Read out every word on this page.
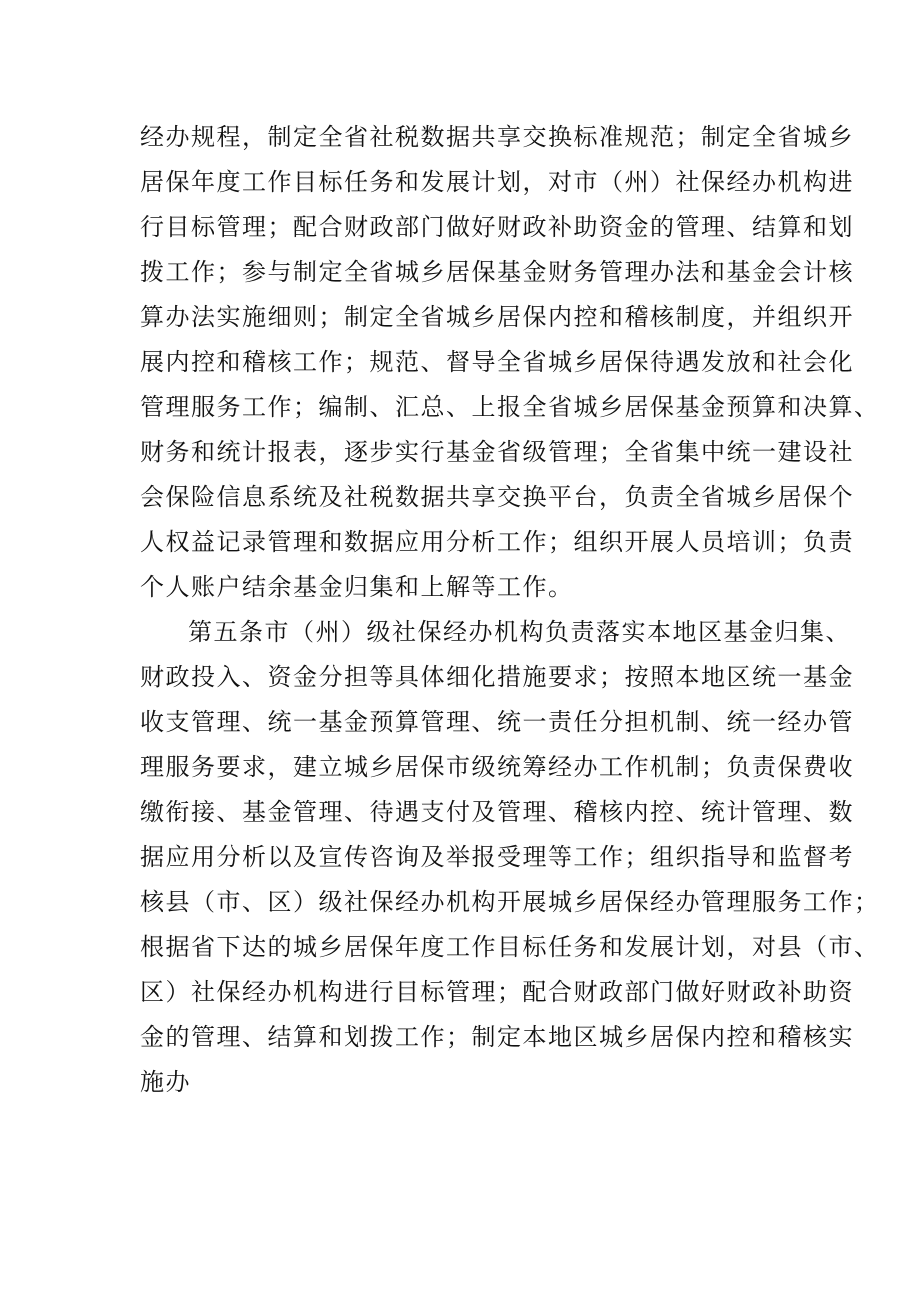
经办规程，制定全省社税数据共享交换标准规范；制定全省城乡
居保年度工作目标任务和发展计划，对市（州）社保经办机构进
行目标管理；配合财政部门做好财政补助资金的管理、结算和划
拨工作；参与制定全省城乡居保基金财务管理办法和基金会计核
算办法实施细则；制定全省城乡居保内控和稽核制度，并组织开
展内控和稽核工作；规范、督导全省城乡居保待遇发放和社会化
管理服务工作；编制、汇总、上报全省城乡居保基金预算和决算、
财务和统计报表，逐步实行基金省级管理；全省集中统一建设社
会保险信息系统及社税数据共享交换平台，负责全省城乡居保个
人权益记录管理和数据应用分析工作；组织开展人员培训；负责
个人账户结余基金归集和上解等工作。
第五条市（州）级社保经办机构负责落实本地区基金归集、
财政投入、资金分担等具体细化措施要求；按照本地区统一基金
收支管理、统一基金预算管理、统一责任分担机制、统一经办管
理服务要求，建立城乡居保市级统筹经办工作机制；负责保费收
缴衔接、基金管理、待遇支付及管理、稽核内控、统计管理、数
据应用分析以及宣传咨询及举报受理等工作；组织指导和监督考
核县（市、区）级社保经办机构开展城乡居保经办管理服务工作；
根据省下达的城乡居保年度工作目标任务和发展计划，对县（市、
区）社保经办机构进行目标管理；配合财政部门做好财政补助资
金的管理、结算和划拨工作；制定本地区城乡居保内控和稽核实
施办
